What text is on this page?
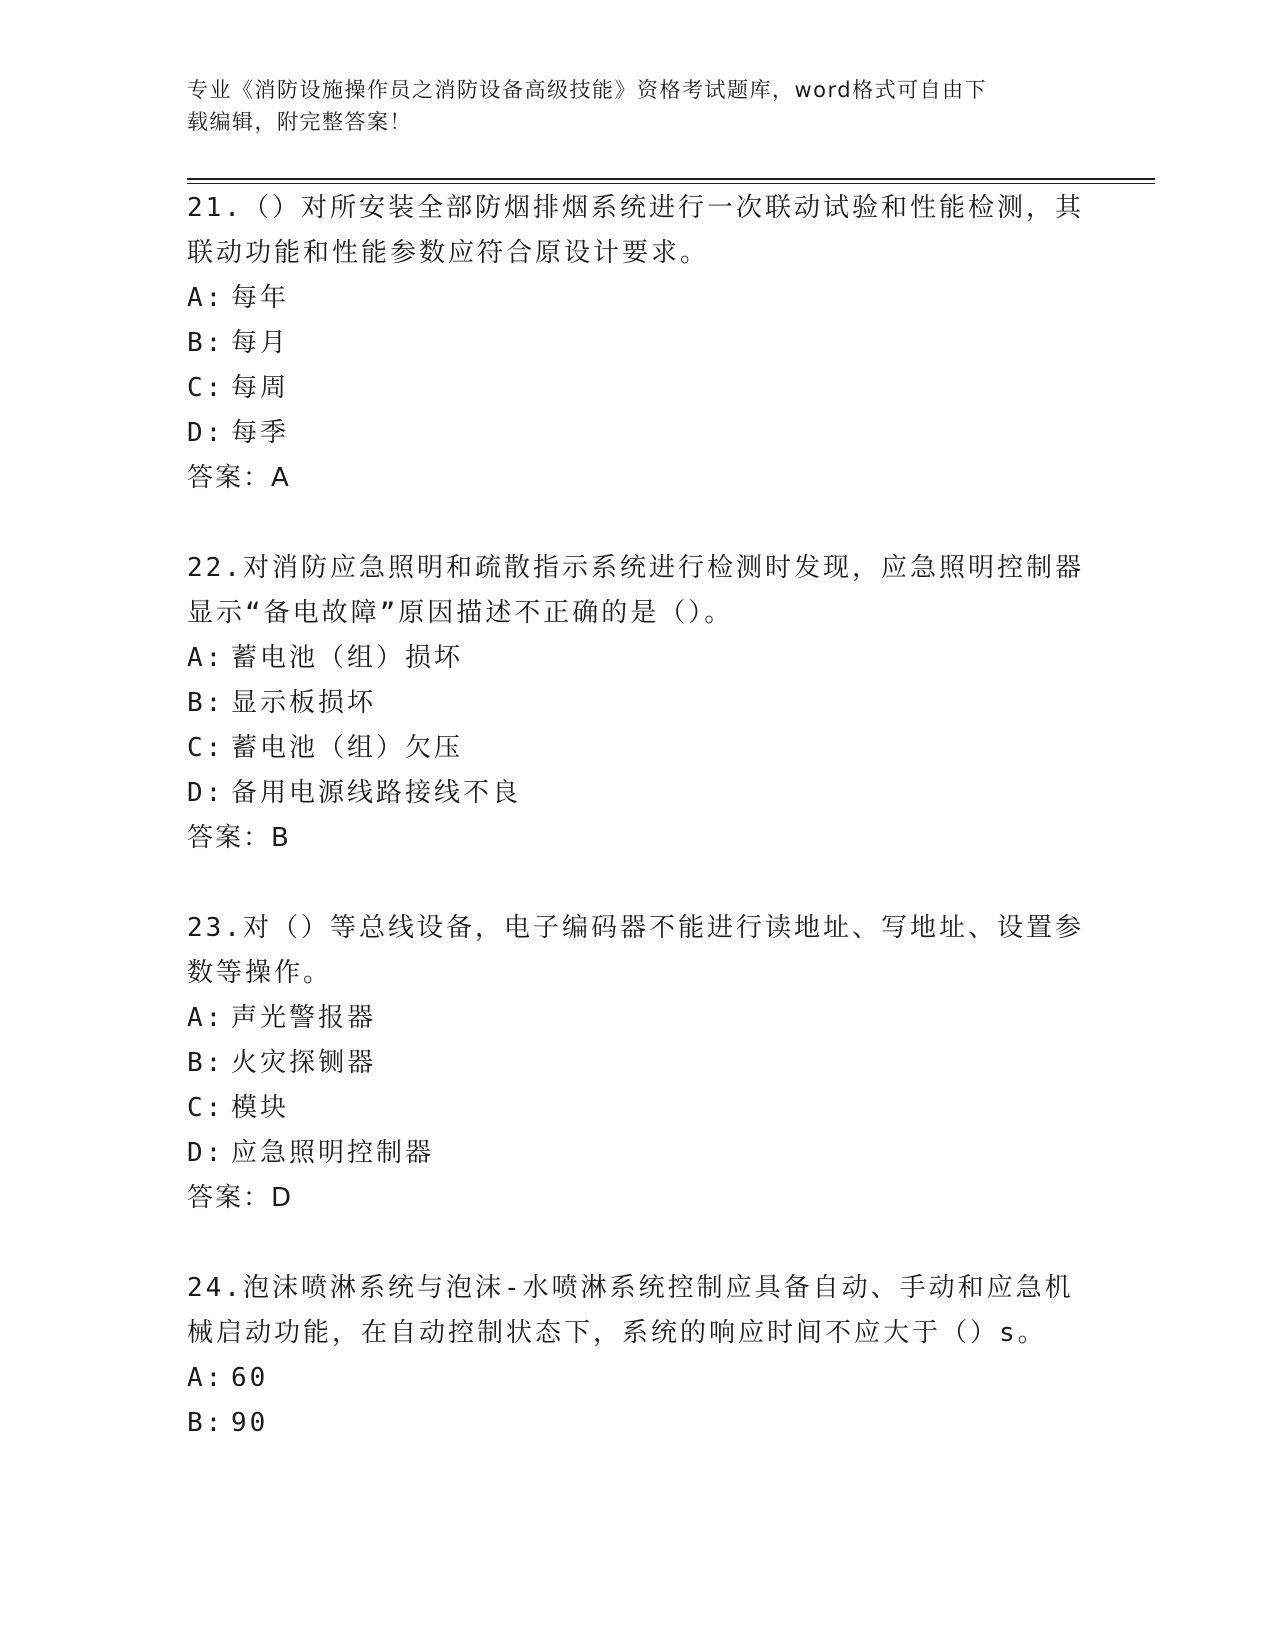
专业《消防设施操作员之消防设备高级技能》资格考试题库，word格式可自由下
载编辑，附完整答案！

21.（）对所安装全部防烟排烟系统进行一次联动试验和性能检测，其

联动功能和性能参数应符合原设计要求。

A: 每年

B: 每月

C: 每周

D: 每季

答案：A

22.对消防应急照明和疏散指示系统进行检测时发现，应急照明控制器

显示“备电故障”原因描述不正确的是（）。

A: 蓄电池（组）损坏

B: 显示板损坏

C: 蓄电池（组）欠压

D: 备用电源线路接线不良

答案：B

23.对（）等总线设备，电子编码器不能进行读地址、写地址、设置参

数等操作。

A: 声光警报器

B: 火灾探铡器

C: 模块

D: 应急照明控制器

答案：D

24.泡沫喷淋系统与泡沫-水喷淋系统控制应具备自动、手动和应急机

械启动功能，在自动控制状态下，系统的响应时间不应大于（）s。

A: 60

B: 90
